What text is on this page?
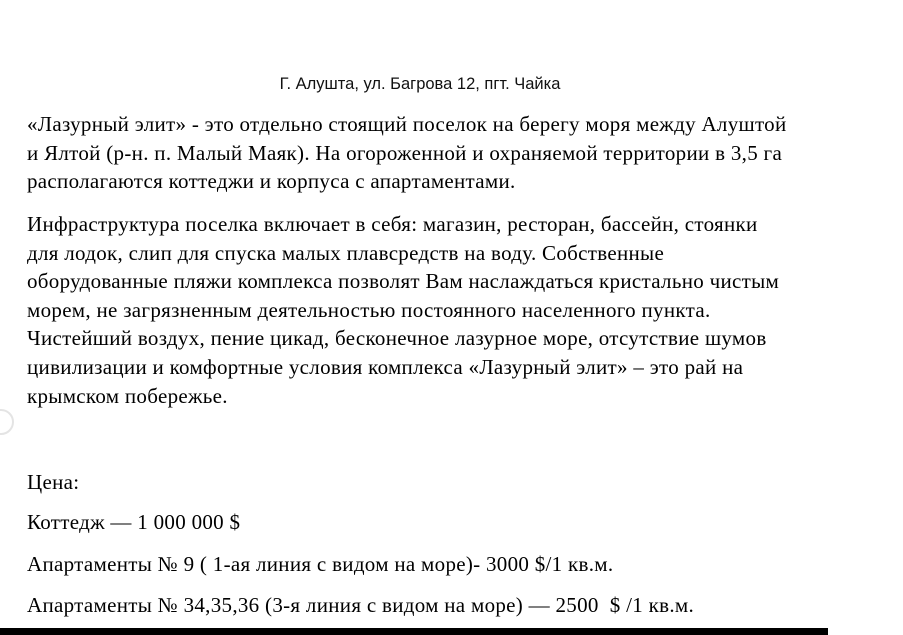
Г. Алушта, ул. Багрова 12, пгт. Чайка
«Лазурный элит» - это отдельно стоящий поселок на берегу моря между Алуштой
и Ялтой (р-н. п. Малый Маяк). На огороженной и охраняемой территории в 3,5 га
располагаются коттеджи и корпуса с апартаментами.
Инфраструктура поселка включает в себя: магазин, ресторан, бассейн, стоянки
для лодок, слип для спуска малых плавсредств на воду. Собственные
оборудованные пляжи комплекса позволят Вам наслаждаться кристально чистым
морем, не загрязненным деятельностью постоянного населенного пункта.
Чистейший воздух, пение цикад, бесконечное лазурное море, отсутствие шумов
цивилизации и комфортные условия комплекса «Лазурный элит» – это рай на
крымском побережье.
Цена:
Коттедж — 1 000 000 $
Апартаменты № 9 ( 1-ая линия с видом на море)- 3000 $/1 кв.м.
Апартаменты № 34,35,36 (3-я линия с видом на море) — 2500  $ /1 кв.м.
